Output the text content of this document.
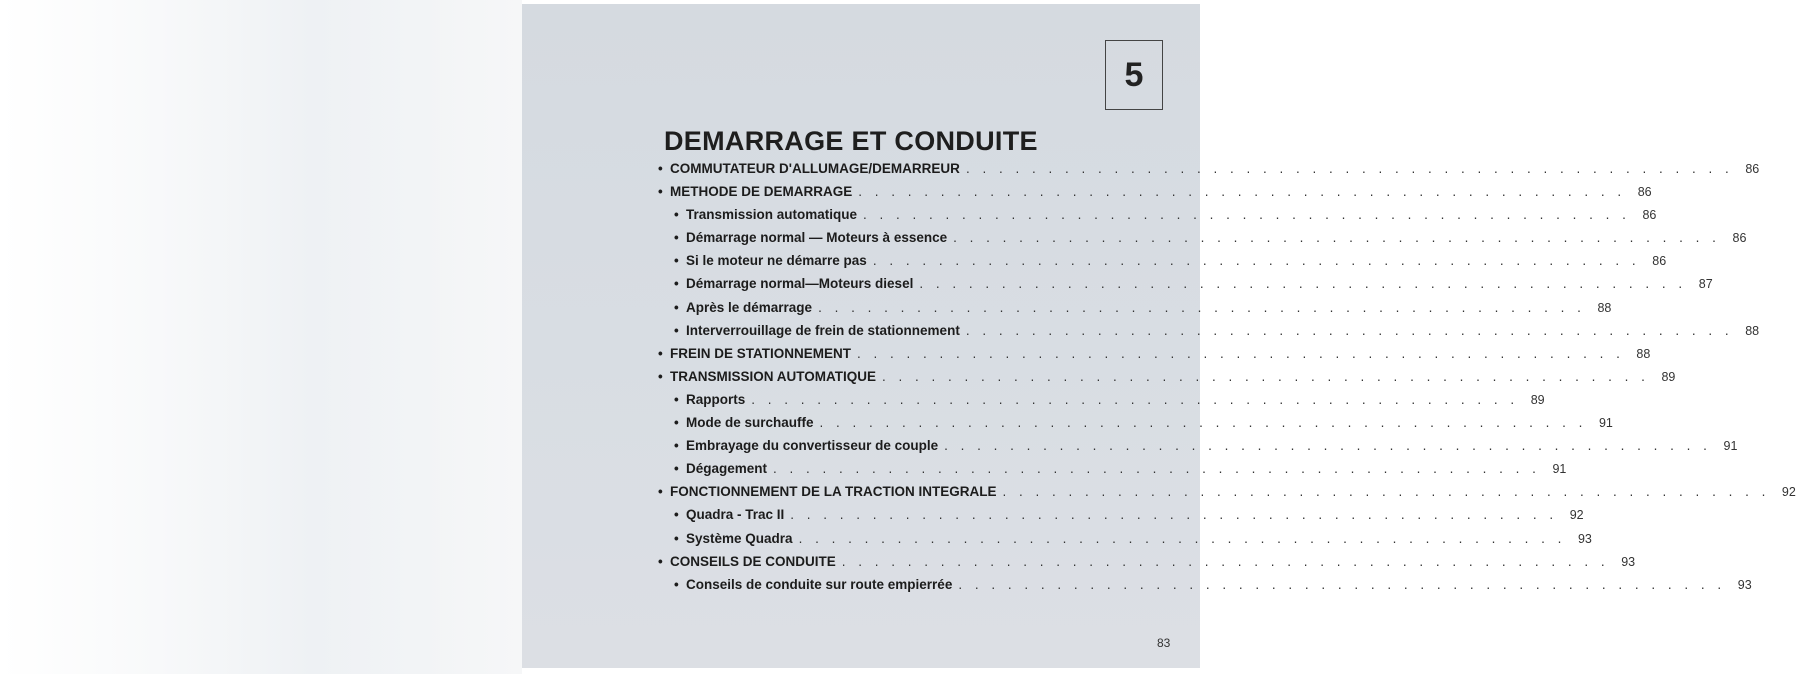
5
DEMARRAGE ET CONDUITE
• COMMUTATEUR D'ALLUMAGE/DEMARREUR . . . . . . . . . . . . . . . . . . . . . . . . . . . . . . . . . . . . . . . . . . . . . . . 86
• METHODE DE DEMARRAGE . . . . . . . . . . . . . . . . . . . . . . . . . . . . . . . . . . . . . . . . . . . . . . . 86
• Transmission automatique . . . . . . . . . . . . . . . . . . . . . . . . . . . . . . . . . . . . . . . . . . . . . . . 86
• Démarrage normal — Moteurs à essence . . . . . . . . . . . . . . . . . . . . . . . . . . . . . . . . . . . . . . . . . . . . . . . 86
• Si le moteur ne démarre pas . . . . . . . . . . . . . . . . . . . . . . . . . . . . . . . . . . . . . . . . . . . . . . . 86
• Démarrage normal—Moteurs diesel . . . . . . . . . . . . . . . . . . . . . . . . . . . . . . . . . . . . . . . . . . . . . . . 87
• Après le démarrage . . . . . . . . . . . . . . . . . . . . . . . . . . . . . . . . . . . . . . . . . . . . . . . 88
• Interverrouillage de frein de stationnement . . . . . . . . . . . . . . . . . . . . . . . . . . . . . . . . . . . . . . . . . . . . . . . 88
• FREIN DE STATIONNEMENT . . . . . . . . . . . . . . . . . . . . . . . . . . . . . . . . . . . . . . . . . . . . . . . 88
• TRANSMISSION AUTOMATIQUE . . . . . . . . . . . . . . . . . . . . . . . . . . . . . . . . . . . . . . . . . . . . . . . 89
• Rapports . . . . . . . . . . . . . . . . . . . . . . . . . . . . . . . . . . . . . . . . . . . . . . . 89
• Mode de surchauffe . . . . . . . . . . . . . . . . . . . . . . . . . . . . . . . . . . . . . . . . . . . . . . . 91
• Embrayage du convertisseur de couple . . . . . . . . . . . . . . . . . . . . . . . . . . . . . . . . . . . . . . . . . . . . . . . 91
• Dégagement . . . . . . . . . . . . . . . . . . . . . . . . . . . . . . . . . . . . . . . . . . . . . . . 91
• FONCTIONNEMENT DE LA TRACTION INTEGRALE . . . . . . . . . . . . . . . . . . . . . . . . . . . . . . . . . . . . . . . . . . . . . . . 92
• Quadra - Trac II . . . . . . . . . . . . . . . . . . . . . . . . . . . . . . . . . . . . . . . . . . . . . . . 92
• Système Quadra . . . . . . . . . . . . . . . . . . . . . . . . . . . . . . . . . . . . . . . . . . . . . . . 93
• CONSEILS DE CONDUITE . . . . . . . . . . . . . . . . . . . . . . . . . . . . . . . . . . . . . . . . . . . . . . . 93
• Conseils de conduite sur route empierrée . . . . . . . . . . . . . . . . . . . . . . . . . . . . . . . . . . . . . . . . . . . . . . . 93
83
